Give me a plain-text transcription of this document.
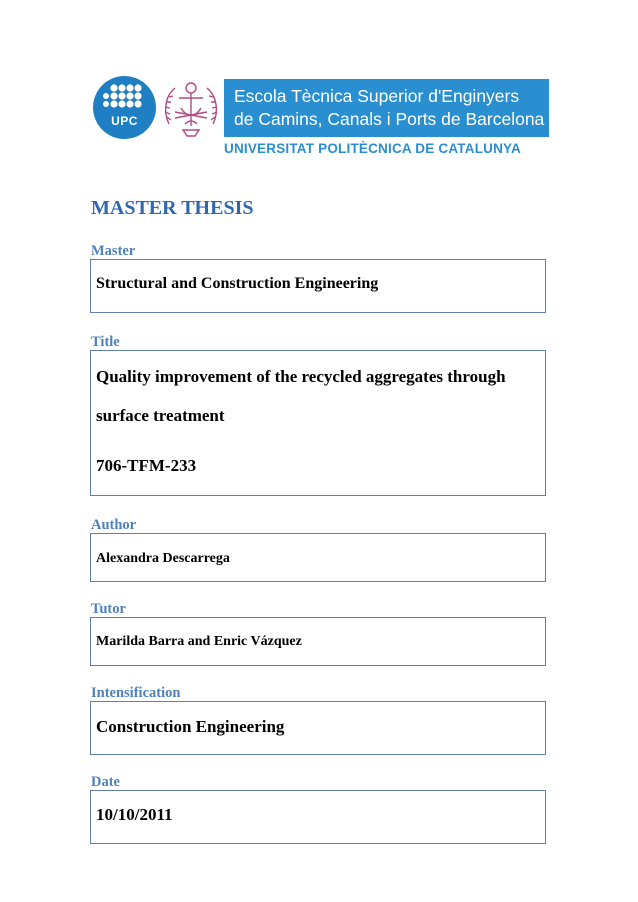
UPC
Escola Tècnica Superior d'Enginyers
de Camins, Canals i Ports de Barcelona
UNIVERSITAT POLITÈCNICA DE CATALUNYA
MASTER THESIS
Master
Structural and Construction Engineering
Title
Quality improvement of the recycled aggregates through
surface treatment
706-TFM-233
Author
Alexandra Descarrega
Tutor
Marilda Barra and Enric Vázquez
Intensification
Construction Engineering
Date
10/10/2011
